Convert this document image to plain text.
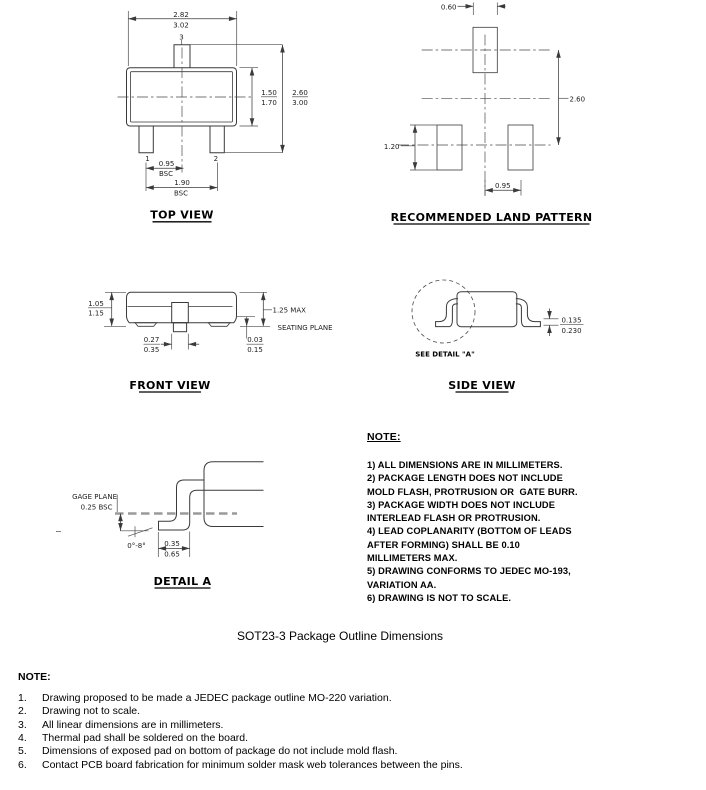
2.82
3.02
3
1.50
1.70
2.60
3.00
1	2
0.95
BSC
1.90
BSC
TOP VIEW
0.60
2.60
1.20
0.95
RECOMMENDED LAND PATTERN
1.05
1.15	1.25 MAX
SEATING PLANE
0.27
0.35
0.03
0.15
FRONT VIEW
0.135
0.230
SEE DETAIL "A"
SIDE VIEW
GAGE PLANE
0.25 BSC
0°-8°	0.35
0.65
DETAIL A
NOTE:
1) ALL DIMENSIONS ARE IN MILLIMETERS.
2) PACKAGE LENGTH DOES NOT INCLUDE
MOLD FLASH, PROTRUSION OR  GATE BURR.
3) PACKAGE WIDTH DOES NOT INCLUDE
INTERLEAD FLASH OR PROTRUSION.
4) LEAD COPLANARITY (BOTTOM OF LEADS
AFTER FORMING) SHALL BE 0.10
MILLIMETERS MAX.
5) DRAWING CONFORMS TO JEDEC MO-193,
VARIATION AA.
6) DRAWING IS NOT TO SCALE.
SOT23-3 Package Outline Dimensions
NOTE:
1.	Drawing proposed to be made a JEDEC package outline MO-220 variation.
2.	Drawing not to scale.
3.	All linear dimensions are in millimeters.
4.	Thermal pad shall be soldered on the board.
5.	Dimensions of exposed pad on bottom of package do not include mold flash.
6.	Contact PCB board fabrication for minimum solder mask web tolerances between the pins.
